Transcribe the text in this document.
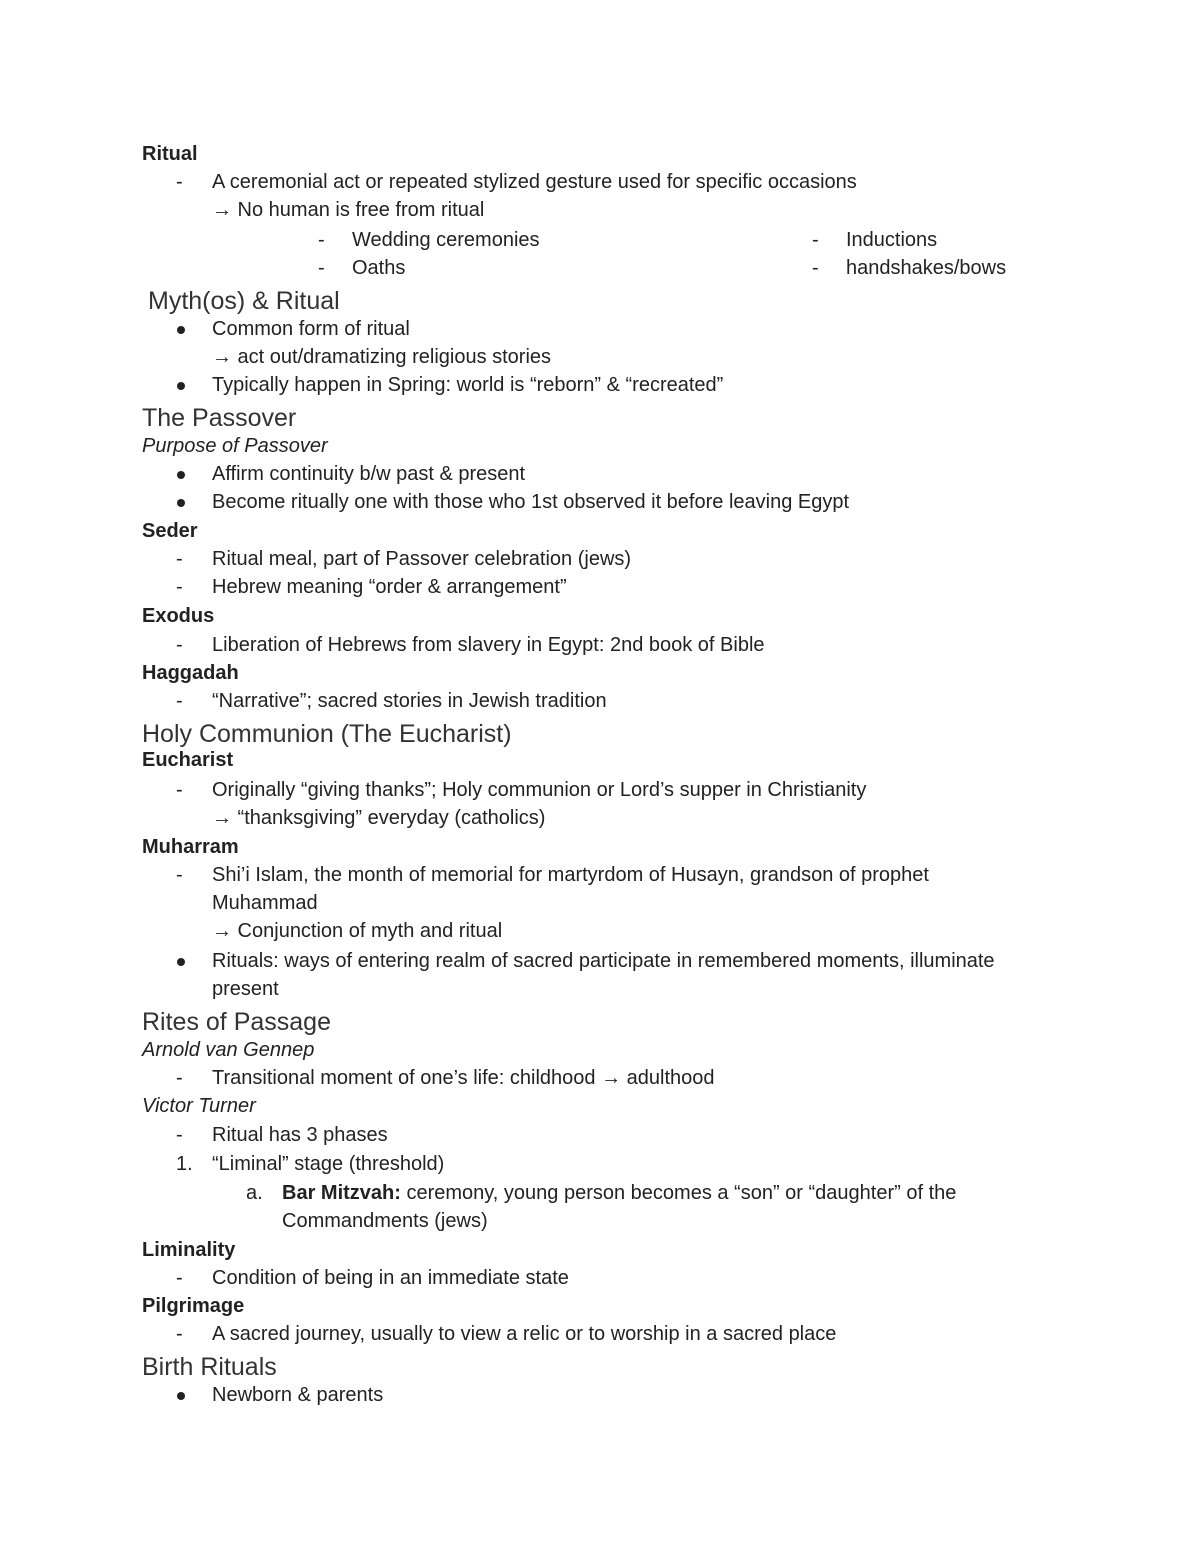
Ritual
- A ceremonial act or repeated stylized gesture used for specific occasions
→ No human is free from ritual
- Wedding ceremonies	- Inductions
- Oaths	- handshakes/bows
Myth(os) & Ritual
Common form of ritual
→ act out/dramatizing religious stories
Typically happen in Spring: world is “reborn” & “recreated”
The Passover
Purpose of Passover
Affirm continuity b/w past & present
Become ritually one with those who 1st observed it before leaving Egypt
Seder
- Ritual meal, part of Passover celebration (jews)
- Hebrew meaning “order & arrangement”
Exodus
- Liberation of Hebrews from slavery in Egypt: 2nd book of Bible
Haggadah
- “Narrative”; sacred stories in Jewish tradition
Holy Communion (The Eucharist)
Eucharist
- Originally “giving thanks”; Holy communion or Lord’s supper in Christianity
→ “thanksgiving” everyday (catholics)
Muharram
- Shi’i Islam, the month of memorial for martyrdom of Husayn, grandson of prophet
Muhammad
→ Conjunction of myth and ritual
Rituals: ways of entering realm of sacred participate in remembered moments, illuminate
present
Rites of Passage
Arnold van Gennep
- Transitional moment of one’s life: childhood → adulthood
Victor Turner
- Ritual has 3 phases
1. “Liminal” stage (threshold)
a. Bar Mitzvah: ceremony, young person becomes a “son” or “daughter” of the
Commandments (jews)
Liminality
- Condition of being in an immediate state
Pilgrimage
- A sacred journey, usually to view a relic or to worship in a sacred place
Birth Rituals
Newborn & parents
